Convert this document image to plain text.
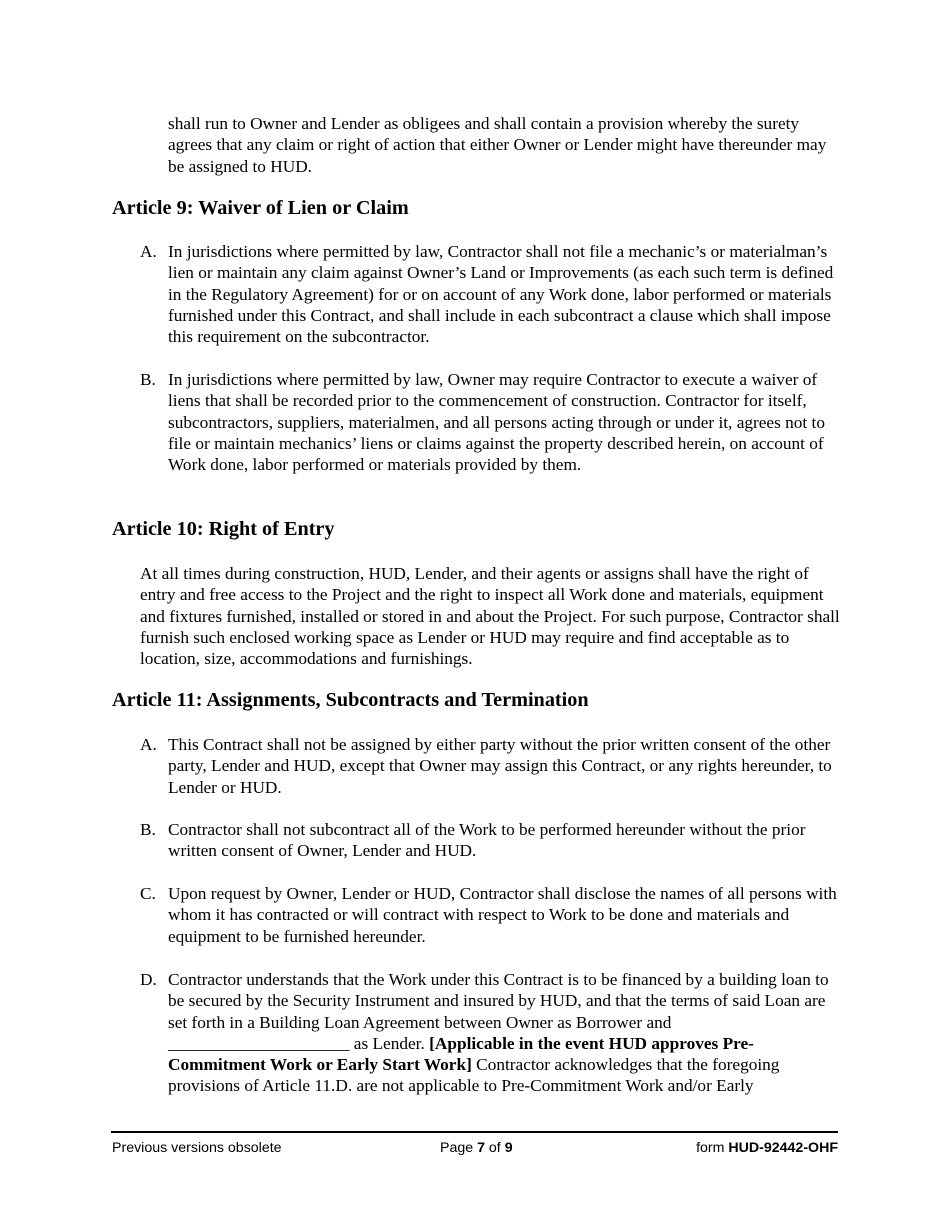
shall run to Owner and Lender as obligees and shall contain a provision whereby the surety agrees that any claim or right of action that either Owner or Lender might have thereunder may be assigned to HUD.

Article 9: Waiver of Lien or Claim
A. In jurisdictions where permitted by law, Contractor shall not file a mechanic’s or materialman’s lien or maintain any claim against Owner’s Land or Improvements (as each such term is defined in the Regulatory Agreement) for or on account of any Work done, labor performed or materials furnished under this Contract, and shall include in each subcontract a clause which shall impose this requirement on the subcontractor.

B. In jurisdictions where permitted by law, Owner may require Contractor to execute a waiver of liens that shall be recorded prior to the commencement of construction. Contractor for itself, subcontractors, suppliers, materialmen, and all persons acting through or under it, agrees not to file or maintain mechanics’ liens or claims against the property described herein, on account of Work done, labor performed or materials provided by them.

Article 10: Right of Entry

At all times during construction, HUD, Lender, and their agents or assigns shall have the right of entry and free access to the Project and the right to inspect all Work done and materials, equipment and fixtures furnished, installed or stored in and about the Project. For such purpose, Contractor shall furnish such enclosed working space as Lender or HUD may require and find acceptable as to location, size, accommodations and furnishings.

Article 11: Assignments, Subcontracts and Termination
A. This Contract shall not be assigned by either party without the prior written consent of the other party, Lender and HUD, except that Owner may assign this Contract, or any rights hereunder, to Lender or HUD.

B. Contractor shall not subcontract all of the Work to be performed hereunder without the prior written consent of Owner, Lender and HUD.

C. Upon request by Owner, Lender or HUD, Contractor shall disclose the names of all persons with whom it has contracted or will contract with respect to Work to be done and materials and equipment to be furnished hereunder.

D. Contractor understands that the Work under this Contract is to be financed by a building loan to be secured by the Security Instrument and insured by HUD, and that the terms of said Loan are set forth in a Building Loan Agreement between Owner as Borrower and _____________________ as Lender. [Applicable in the event HUD approves Pre-Commitment Work or Early Start Work] Contractor acknowledges that the foregoing provisions of Article 11.D. are not applicable to Pre-Commitment Work and/or Early

Previous versions obsolete	Page 7 of 9	form HUD-92442-OHF
